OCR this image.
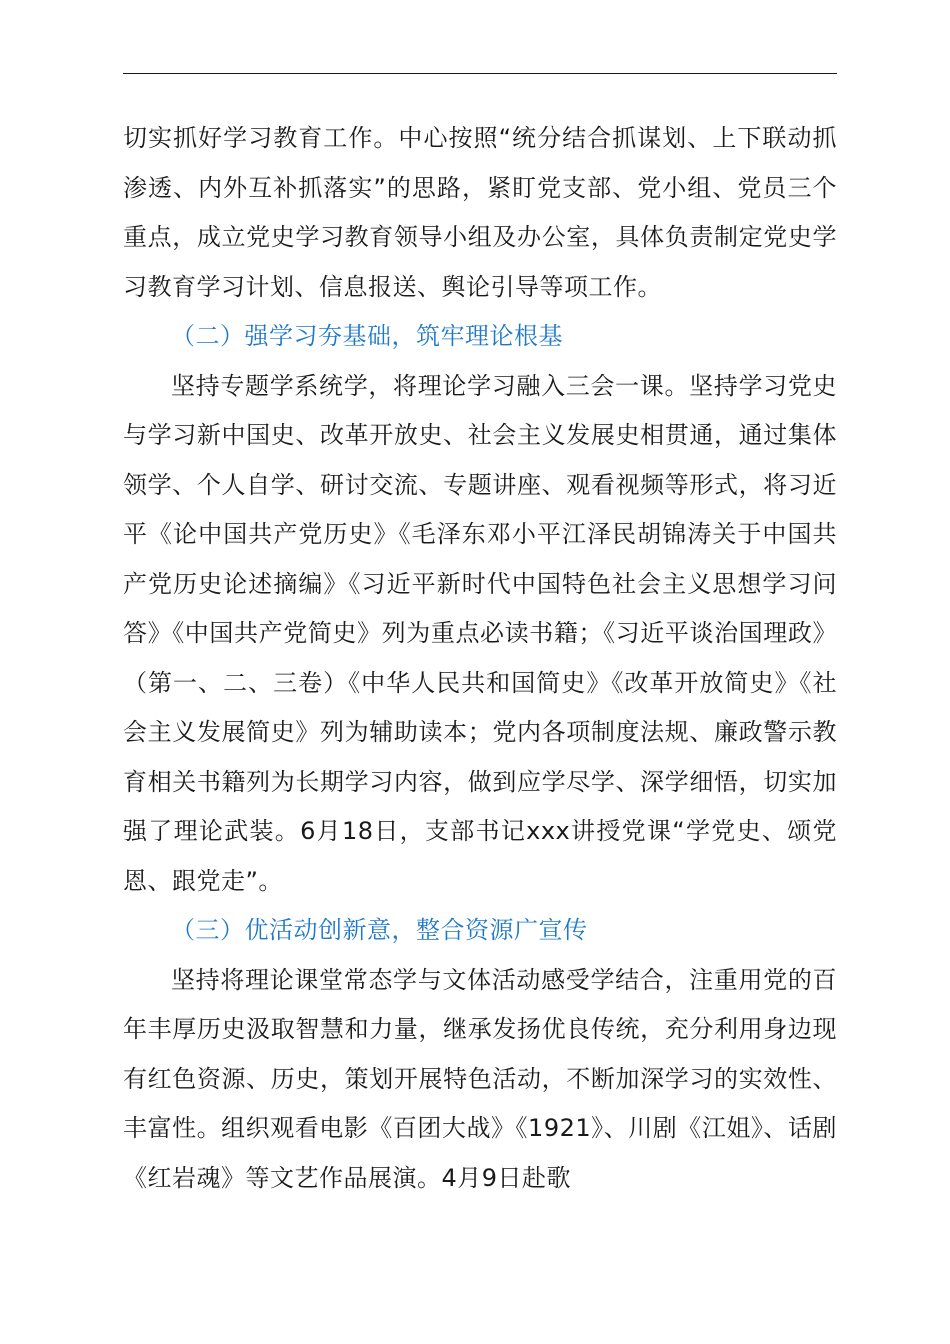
切实抓好学习教育工作。中心按照“统分结合抓谋划、上下联动抓渗透、内外互补抓落实”的思路，紧盯党支部、党小组、党员三个重点，成立党史学习教育领导小组及办公室，具体负责制定党史学习教育学习计划、信息报送、舆论引导等项工作。

（二）强学习夯基础，筑牢理论根基

坚持专题学系统学，将理论学习融入三会一课。坚持学习党史与学习新中国史、改革开放史、社会主义发展史相贯通，通过集体领学、个人自学、研讨交流、专题讲座、观看视频等形式，将习近平《论中国共产党历史》《毛泽东邓小平江泽民胡锦涛关于中国共产党历史论述摘编》《习近平新时代中国特色社会主义思想学习问答》《中国共产党简史》列为重点必读书籍；《习近平谈治国理政》（第一、二、三卷）《中华人民共和国简史》《改革开放简史》《社会主义发展简史》列为辅助读本；党内各项制度法规、廉政警示教育相关书籍列为长期学习内容，做到应学尽学、深学细悟，切实加强了理论武装。6月18日，支部书记xxx讲授党课“学党史、颂党恩、跟党走”。

（三）优活动创新意，整合资源广宣传

坚持将理论课堂常态学与文体活动感受学结合，注重用党的百年丰厚历史汲取智慧和力量，继承发扬优良传统，充分利用身边现有红色资源、历史，策划开展特色活动，不断加深学习的实效性、丰富性。组织观看电影《百团大战》《1921》、川剧《江姐》、话剧《红岩魂》等文艺作品展演。4月9日赴歌
